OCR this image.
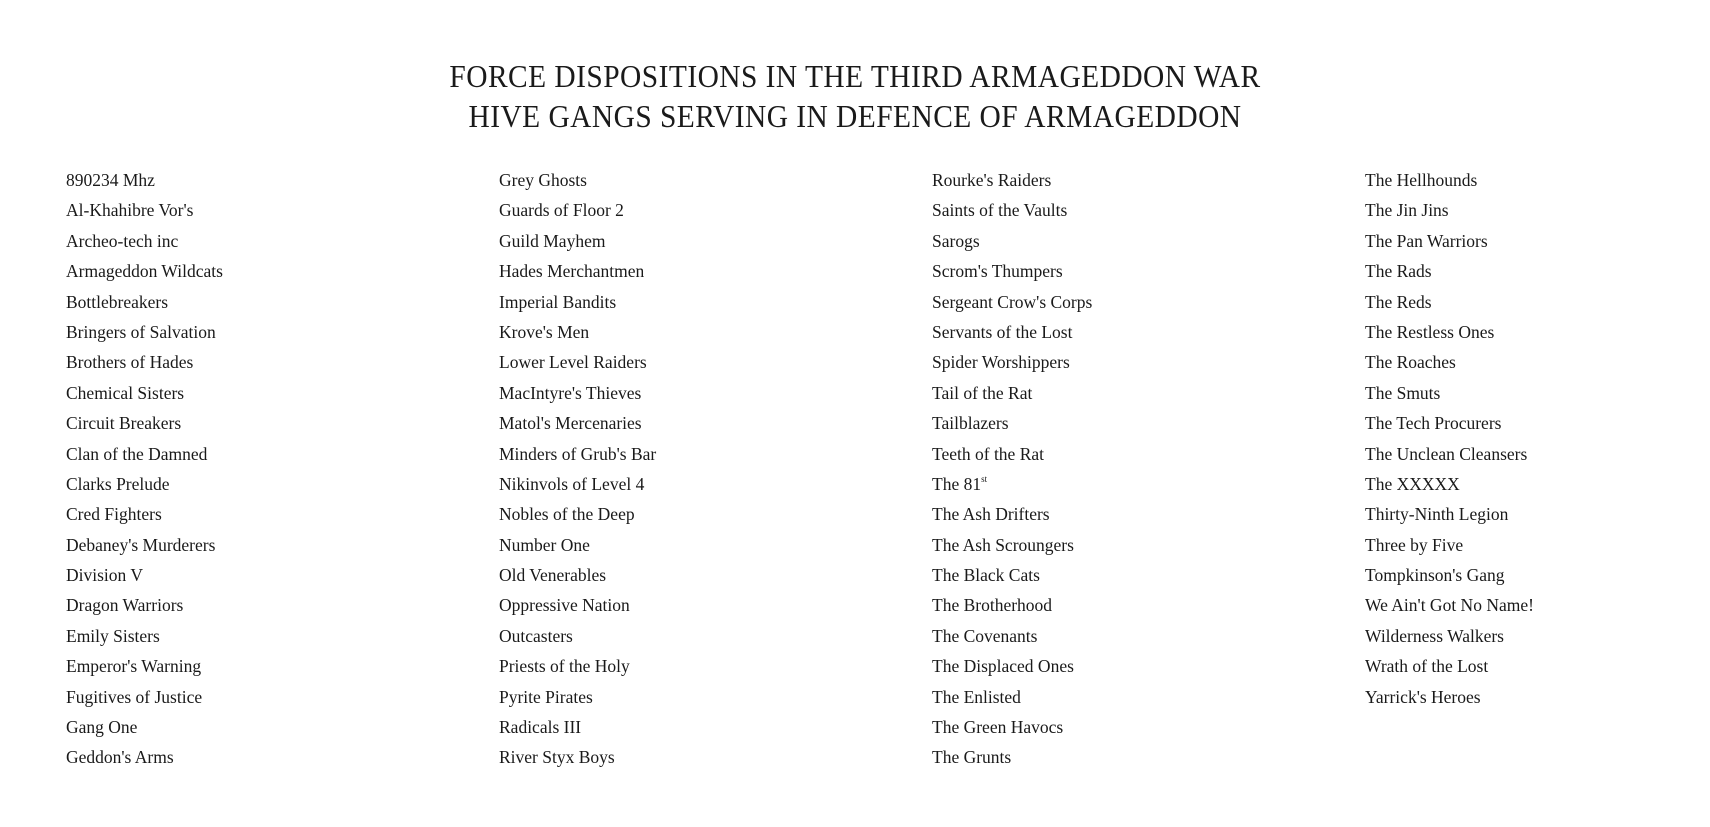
FORCE DISPOSITIONS IN THE THIRD ARMAGEDDON WAR
HIVE GANGS SERVING IN DEFENCE OF ARMAGEDDON
890234 Mhz
Al-Khahibre Vor's
Archeo-tech inc
Armageddon Wildcats
Bottlebreakers
Bringers of Salvation
Brothers of Hades
Chemical Sisters
Circuit Breakers
Clan of the Damned
Clarks Prelude
Cred Fighters
Debaney's Murderers
Division V
Dragon Warriors
Emily Sisters
Emperor's Warning
Fugitives of Justice
Gang One
Geddon's Arms
Grey Ghosts
Guards of Floor 2
Guild Mayhem
Hades Merchantmen
Imperial Bandits
Krove's Men
Lower Level Raiders
MacIntyre's Thieves
Matol's Mercenaries
Minders of Grub's Bar
Nikinvols of Level 4
Nobles of the Deep
Number One
Old Venerables
Oppressive Nation
Outcasters
Priests of the Holy
Pyrite Pirates
Radicals III
River Styx Boys
Rourke's Raiders
Saints of the Vaults
Sarogs
Scrom's Thumpers
Sergeant Crow's Corps
Servants of the Lost
Spider Worshippers
Tail of the Rat
Tailblazers
Teeth of the Rat
The 81st
The Ash Drifters
The Ash Scroungers
The Black Cats
The Brotherhood
The Covenants
The Displaced Ones
The Enlisted
The Green Havocs
The Grunts
The Hellhounds
The Jin Jins
The Pan Warriors
The Rads
The Reds
The Restless Ones
The Roaches
The Smuts
The Tech Procurers
The Unclean Cleansers
The XXXXX
Thirty-Ninth Legion
Three by Five
Tompkinson's Gang
We Ain't Got No Name!
Wilderness Walkers
Wrath of the Lost
Yarrick's Heroes
